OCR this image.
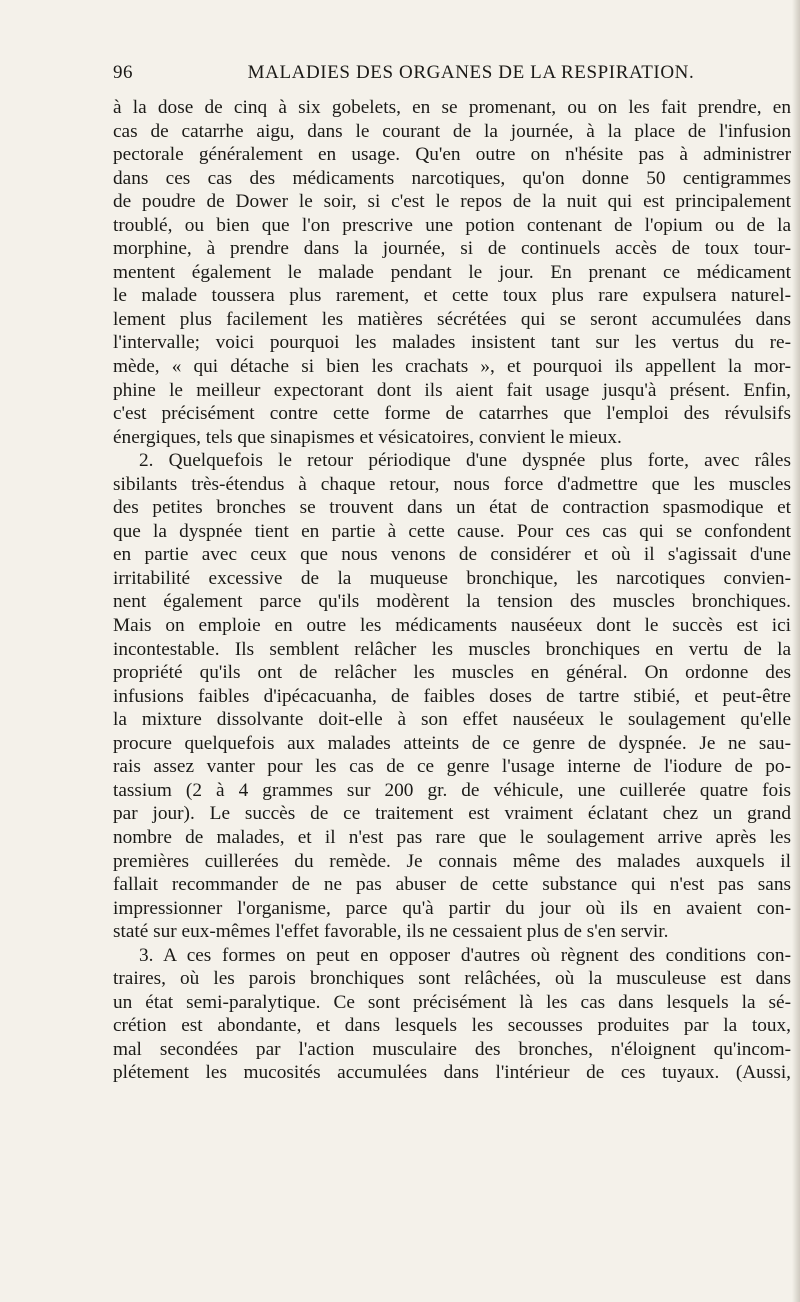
96	MALADIES DES ORGANES DE LA RESPIRATION.

à la dose de cinq à six gobelets, en se promenant, ou on les fait prendre, en

cas de catarrhe aigu, dans le courant de la journée, à la place de l'infusion

pectorale généralement en usage. Qu'en outre on n'hésite pas à administrer

dans ces cas des médicaments narcotiques, qu'on donne 50 centigrammes

de poudre de Dower le soir, si c'est le repos de la nuit qui est principalement

troublé, ou bien que l'on prescrive une potion contenant de l'opium ou de la

morphine, à prendre dans la journée, si de continuels accès de toux tour-

mentent également le malade pendant le jour. En prenant ce médicament

le malade toussera plus rarement, et cette toux plus rare expulsera naturel-

lement plus facilement les matières sécrétées qui se seront accumulées dans

l'intervalle; voici pourquoi les malades insistent tant sur les vertus du re-

mède, « qui détache si bien les crachats », et pourquoi ils appellent la mor-

phine le meilleur expectorant dont ils aient fait usage jusqu'à présent. Enfin,

c'est précisément contre cette forme de catarrhes que l'emploi des révulsifs

énergiques, tels que sinapismes et vésicatoires, convient le mieux.

2. Quelquefois le retour périodique d'une dyspnée plus forte, avec râles

sibilants très-étendus à chaque retour, nous force d'admettre que les muscles

des petites bronches se trouvent dans un état de contraction spasmodique et

que la dyspnée tient en partie à cette cause. Pour ces cas qui se confondent

en partie avec ceux que nous venons de considérer et où il s'agissait d'une

irritabilité excessive de la muqueuse bronchique, les narcotiques convien-

nent également parce qu'ils modèrent la tension des muscles bronchiques.

Mais on emploie en outre les médicaments nauséeux dont le succès est ici

incontestable. Ils semblent relâcher les muscles bronchiques en vertu de la

propriété qu'ils ont de relâcher les muscles en général. On ordonne des

infusions faibles d'ipécacuanha, de faibles doses de tartre stibié, et peut-être

la mixture dissolvante doit-elle à son effet nauséeux le soulagement qu'elle

procure quelquefois aux malades atteints de ce genre de dyspnée. Je ne sau-

rais assez vanter pour les cas de ce genre l'usage interne de l'iodure de po-

tassium (2 à 4 grammes sur 200 gr. de véhicule, une cuillerée quatre fois

par jour). Le succès de ce traitement est vraiment éclatant chez un grand

nombre de malades, et il n'est pas rare que le soulagement arrive après les

premières cuillerées du remède. Je connais même des malades auxquels il

fallait recommander de ne pas abuser de cette substance qui n'est pas sans

impressionner l'organisme, parce qu'à partir du jour où ils en avaient con-

staté sur eux-mêmes l'effet favorable, ils ne cessaient plus de s'en servir.

3. A ces formes on peut en opposer d'autres où règnent des conditions con-

traires, où les parois bronchiques sont relâchées, où la musculeuse est dans

un état semi-paralytique. Ce sont précisément là les cas dans lesquels la sé-

crétion est abondante, et dans lesquels les secousses produites par la toux,

mal secondées par l'action musculaire des bronches, n'éloignent qu'incom-

plétement les mucosités accumulées dans l'intérieur de ces tuyaux. (Aussi,
